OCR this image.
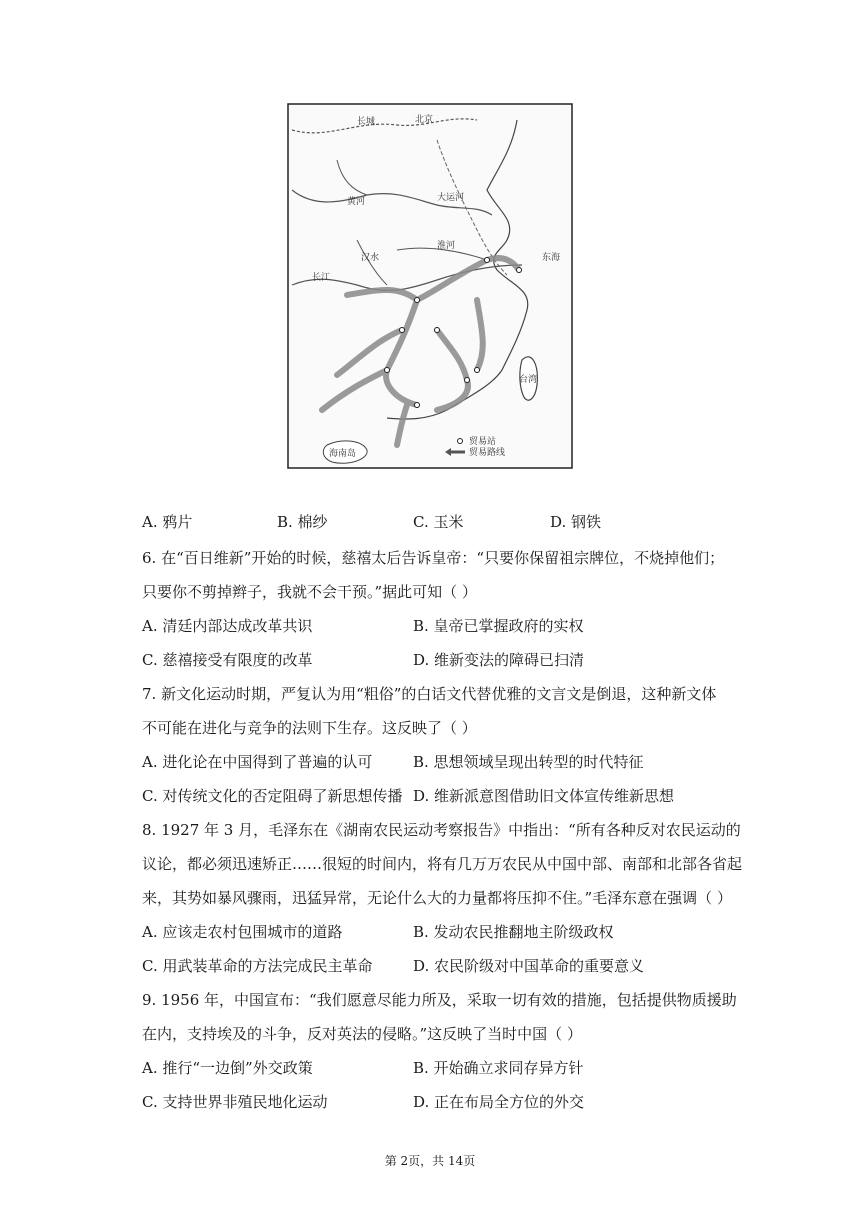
长城	北京
黄河	大运河
淮河
汉水
长江
东海
台湾
海南岛
贸易站
贸易路线
A. 鸦片	B. 棉纱	C. 玉米	D. 钢铁
6. 在“百日维新”开始的时候，慈禧太后告诉皇帝：“只要你保留祖宗牌位，不烧掉他们；
只要你不剪掉辫子，我就不会干预。”据此可知（ ）
A. 清廷内部达成改革共识	B. 皇帝已掌握政府的实权
C. 慈禧接受有限度的改革	D. 维新变法的障碍已扫清
7. 新文化运动时期，严复认为用“粗俗”的白话文代替优雅的文言文是倒退，这种新文体
不可能在进化与竞争的法则下生存。这反映了（ ）
A. 进化论在中国得到了普遍的认可	B. 思想领域呈现出转型的时代特征
C. 对传统文化的否定阻碍了新思想传播 D. 维新派意图借助旧文体宣传维新思想
8. 1927 年 3 月，毛泽东在《湖南农民运动考察报告》中指出：“所有各种反对农民运动的
议论，都必须迅速矫正……很短的时间内，将有几万万农民从中国中部、南部和北部各省起
来，其势如暴风骤雨，迅猛异常，无论什么大的力量都将压抑不住。”毛泽东意在强调（ ）
A. 应该走农村包围城市的道路	B. 发动农民推翻地主阶级政权
C. 用武装革命的方法完成民主革命	D. 农民阶级对中国革命的重要意义
9. 1956 年，中国宣布：“我们愿意尽能力所及，采取一切有效的措施，包括提供物质援助
在内，支持埃及的斗争，反对英法的侵略。”这反映了当时中国（ ）
A. 推行“一边倒”外交政策	B. 开始确立求同存异方针
C. 支持世界非殖民地化运动	D. 正在布局全方位的外交
第 2页，共 14页
